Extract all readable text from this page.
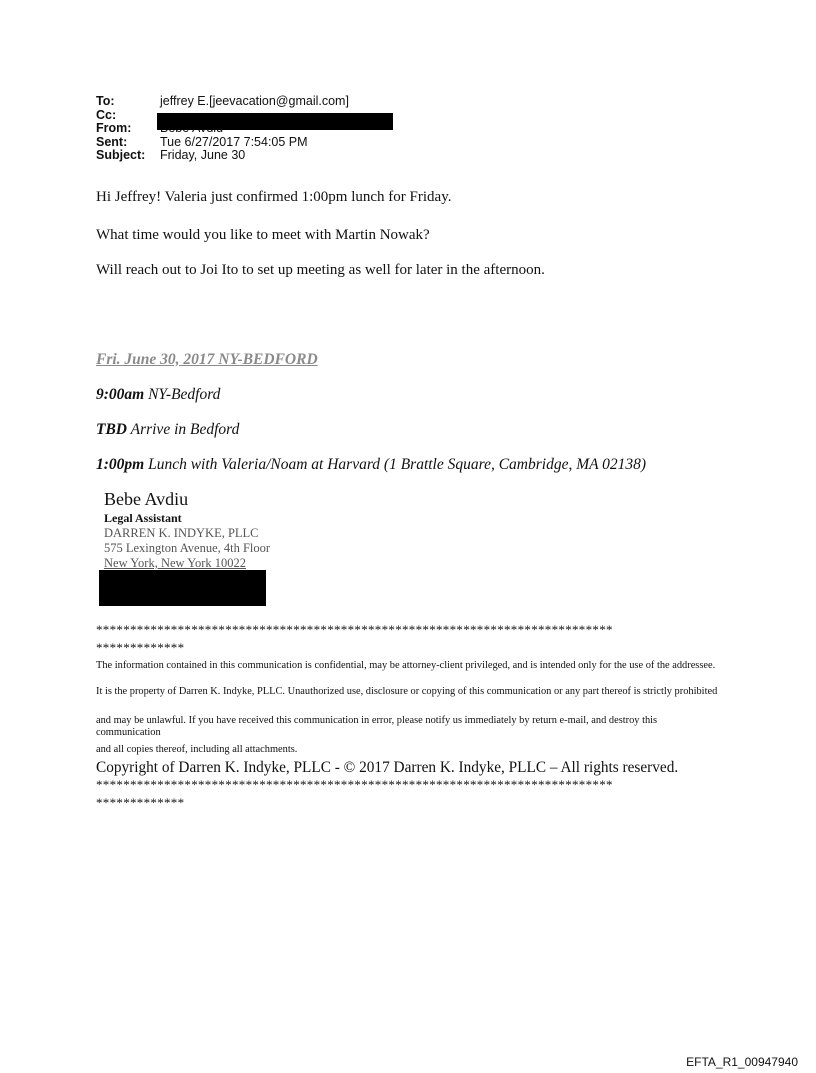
To:	jeffrey E.[jeevacation@gmail.com]
Cc:
From:
Sent:	Tue 6/27/2017 7:54:05 PM
Subject:	Friday, June 30
Hi Jeffrey! Valeria just confirmed 1:00pm lunch for Friday.
What time would you like to meet with Martin Nowak?
Will reach out to Joi Ito to set up meeting as well for later in the afternoon.
Fri. June 30, 2017 NY-BEDFORD
9:00am NY-Bedford
TBD Arrive in Bedford
1:00pm Lunch with Valeria/Noam at Harvard (1 Brattle Square, Cambridge, MA 02138)
Bebe Avdiu
Legal Assistant
DARREN K. INDYKE, PLLC
575 Lexington Avenue, 4th Floor
New York, New York 10022
****************************************************************************
*************
The information contained in this communication is confidential, may be attorney-client privileged, and is intended only for the use of the addressee.
It is the property of Darren K. Indyke, PLLC. Unauthorized use, disclosure or copying of this communication or any part thereof is strictly prohibited
and may be unlawful. If you have received this communication in error, please notify us immediately by return e-mail, and destroy this communication
and all copies thereof, including all attachments.
Copyright of Darren K. Indyke, PLLC - © 2017 Darren K. Indyke, PLLC – All rights reserved.
****************************************************************************
*************
EFTA_R1_00947940
